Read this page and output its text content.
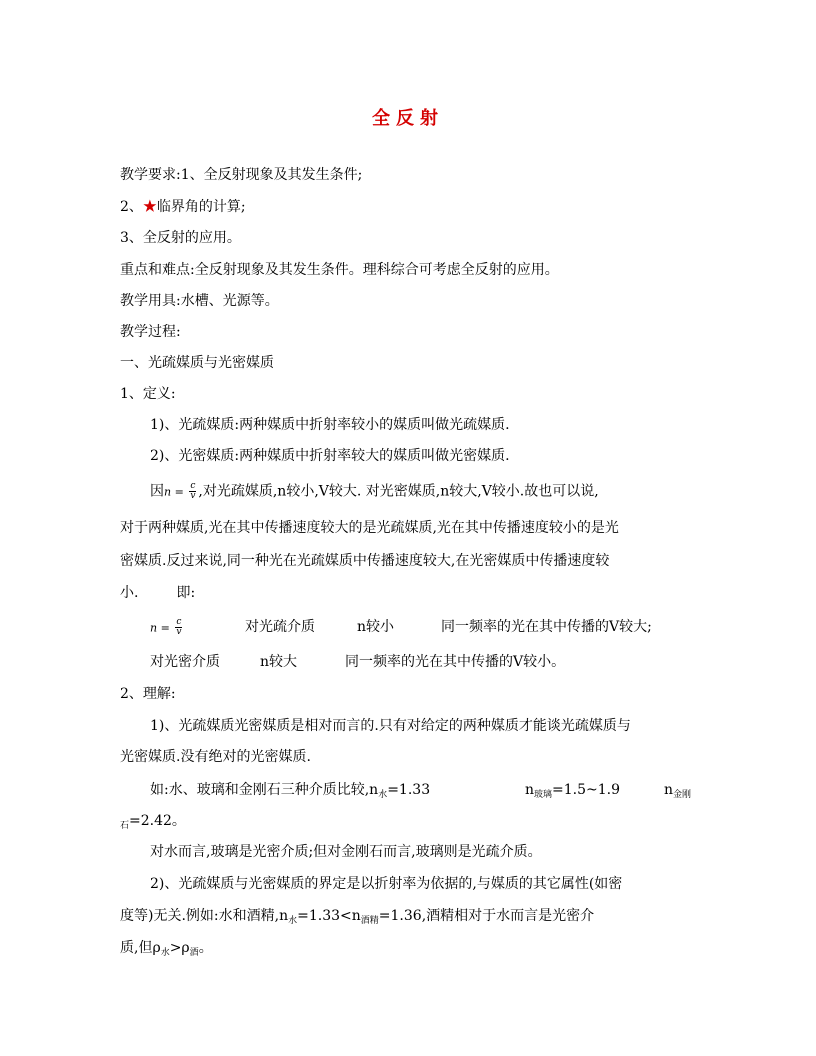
全反射
教学要求:1、全反射现象及其发生条件;
2、★临界角的计算;
3、全反射的应用。
重点和难点:全反射现象及其发生条件。理科综合可考虑全反射的应用。
教学用具:水槽、光源等。
教学过程:
一、光疏媒质与光密媒质
1、定义:
1)、光疏媒质:两种媒质中折射率较小的媒质叫做光疏媒质.
2)、光密媒质:两种媒质中折射率较大的媒质叫做光密媒质.
因$n = \frac{c}{v}$ ,对光疏媒质,n较小,V较大. 对光密媒质,n较大,V较小.故也可以说,
对于两种媒质,光在其中传播速度较大的是光疏媒质,光在其中传播速度较小的是光
密媒质.反过来说,同一种光在光疏媒质中传播速度较大,在光密媒质中传播速度较
小.	即:
$n = \frac{c}{v}$	对光疏介质	n较小	同一频率的光在其中传播的V较大;
对光密介质	n较大	同一频率的光在其中传播的V较小。
2、理解:
1)、光疏媒质光密媒质是相对而言的.只有对给定的两种媒质才能谈光疏媒质与
光密媒质.没有绝对的光密媒质.
如:水、玻璃和金刚石三种介质比较$,n_水=1.33$	$n_{玻璃}=1.5\sim 1.9$	$n_{金刚}$
$_石$=2.42。
对水而言,玻璃是光密介质;但对金刚石而言,玻璃则是光疏介质。
2)、光疏媒质与光密媒质的界定是以折射率为依据的,与媒质的其它属性(如密
度等)无关.例如:水和酒精$,n_水=1.33<n_{酒精}=1.36$,酒精相对于水而言是光密介
质,但$\rho_水>\rho_酒$。
